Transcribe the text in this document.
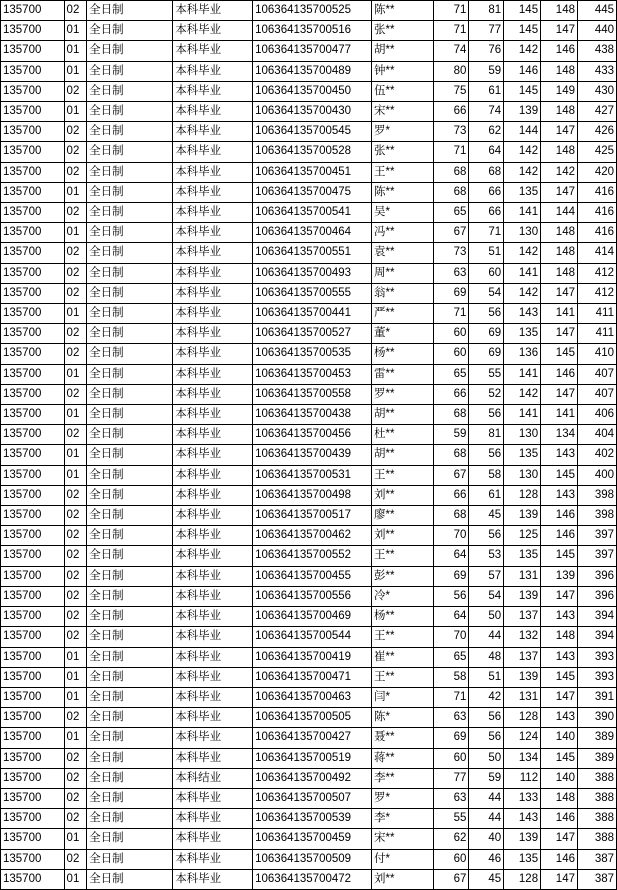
135700	02	全日制	本科毕业	106364135700525	陈**	71	81	145	148	445
135700	01	全日制	本科毕业	106364135700516	张**	71	77	145	147	440
135700	01	全日制	本科毕业	106364135700477	胡**	74	76	142	146	438
135700	01	全日制	本科毕业	106364135700489	钟**	80	59	146	148	433
135700	02	全日制	本科毕业	106364135700450	伍**	75	61	145	149	430
135700	01	全日制	本科毕业	106364135700430	宋**	66	74	139	148	427
135700	02	全日制	本科毕业	106364135700545	罗*	73	62	144	147	426
135700	02	全日制	本科毕业	106364135700528	张**	71	64	142	148	425
135700	02	全日制	本科毕业	106364135700451	王**	68	68	142	142	420
135700	01	全日制	本科毕业	106364135700475	陈**	68	66	135	147	416
135700	02	全日制	本科毕业	106364135700541	吴*	65	66	141	144	416
135700	01	全日制	本科毕业	106364135700464	冯**	67	71	130	148	416
135700	02	全日制	本科毕业	106364135700551	袁**	73	51	142	148	414
135700	02	全日制	本科毕业	106364135700493	周**	63	60	141	148	412
135700	02	全日制	本科毕业	106364135700555	翁**	69	54	142	147	412
135700	01	全日制	本科毕业	106364135700441	严**	71	56	143	141	411
135700	02	全日制	本科毕业	106364135700527	董*	60	69	135	147	411
135700	02	全日制	本科毕业	106364135700535	杨**	60	69	136	145	410
135700	01	全日制	本科毕业	106364135700453	雷**	65	55	141	146	407
135700	02	全日制	本科毕业	106364135700558	罗**	66	52	142	147	407
135700	01	全日制	本科毕业	106364135700438	胡**	68	56	141	141	406
135700	02	全日制	本科毕业	106364135700456	杜**	59	81	130	134	404
135700	01	全日制	本科毕业	106364135700439	胡**	68	56	135	143	402
135700	01	全日制	本科毕业	106364135700531	王**	67	58	130	145	400
135700	02	全日制	本科毕业	106364135700498	刘**	66	61	128	143	398
135700	02	全日制	本科毕业	106364135700517	廖**	68	45	139	146	398
135700	02	全日制	本科毕业	106364135700462	刘**	70	56	125	146	397
135700	02	全日制	本科毕业	106364135700552	王**	64	53	135	145	397
135700	02	全日制	本科毕业	106364135700455	彭**	69	57	131	139	396
135700	02	全日制	本科毕业	106364135700556	冷*	56	54	139	147	396
135700	02	全日制	本科毕业	106364135700469	杨**	64	50	137	143	394
135700	02	全日制	本科毕业	106364135700544	王**	70	44	132	148	394
135700	01	全日制	本科毕业	106364135700419	崔**	65	48	137	143	393
135700	01	全日制	本科毕业	106364135700471	王**	58	51	139	145	393
135700	01	全日制	本科毕业	106364135700463	闫*	71	42	131	147	391
135700	02	全日制	本科毕业	106364135700505	陈*	63	56	128	143	390
135700	01	全日制	本科毕业	106364135700427	聂**	69	56	124	140	389
135700	02	全日制	本科毕业	106364135700519	蒋**	60	50	134	145	389
135700	02	全日制	本科结业	106364135700492	李**	77	59	112	140	388
135700	02	全日制	本科毕业	106364135700507	罗*	63	44	133	148	388
135700	02	全日制	本科毕业	106364135700539	李*	55	44	143	146	388
135700	01	全日制	本科毕业	106364135700459	宋**	62	40	139	147	388
135700	02	全日制	本科毕业	106364135700509	付*	60	46	135	146	387
135700	01	全日制	本科毕业	106364135700472	刘**	67	45	128	147	387
